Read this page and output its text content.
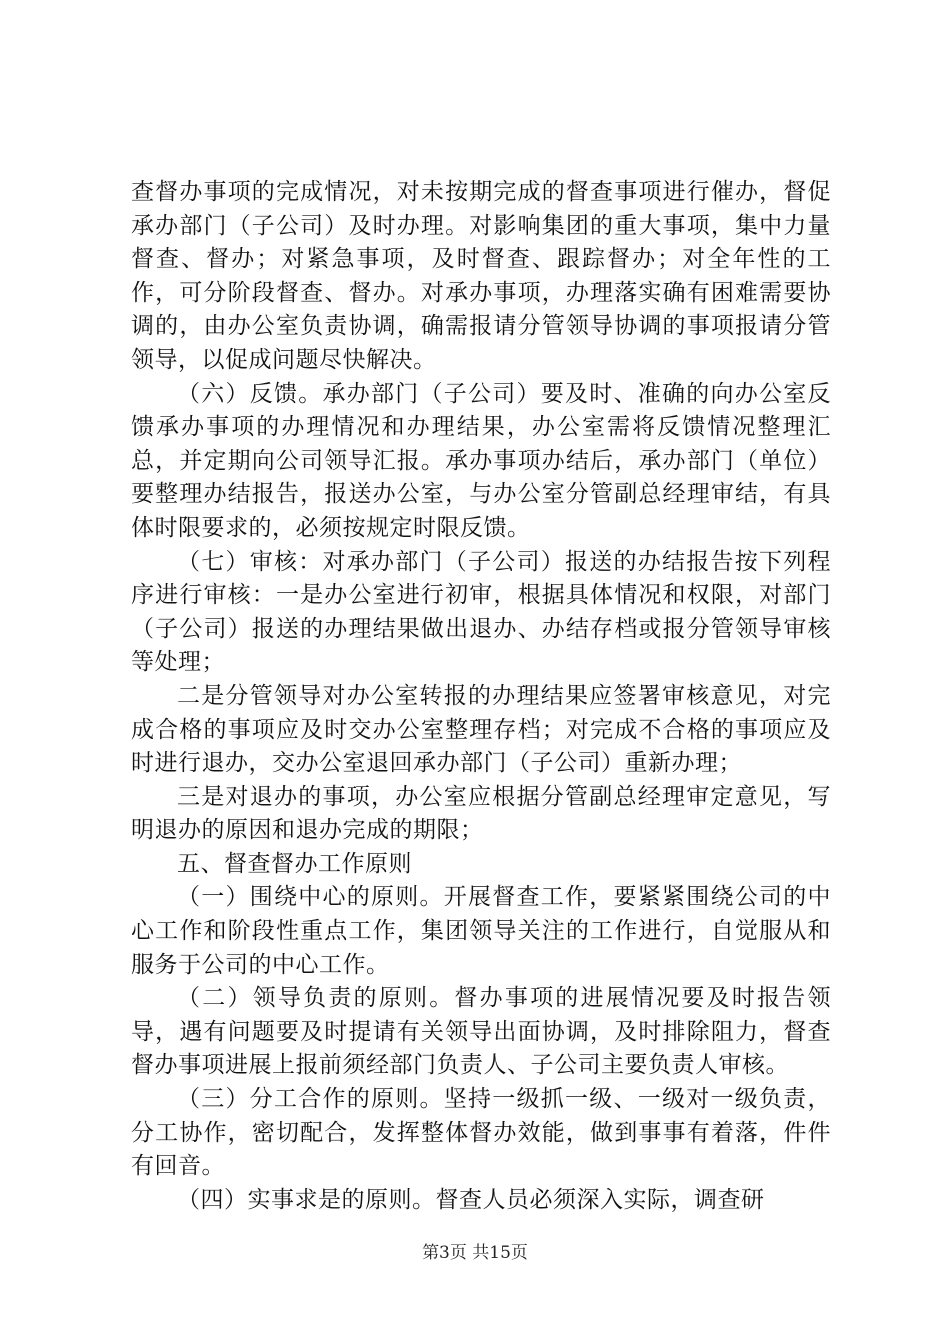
查督办事项的完成情况，对未按期完成的督查事项进行催办，督促承办部门（子公司）及时办理。对影响集团的重大事项，集中力量督查、督办；对紧急事项，及时督查、跟踪督办；对全年性的工作，可分阶段督查、督办。对承办事项，办理落实确有困难需要协调的，由办公室负责协调，确需报请分管领导协调的事项报请分管领导，以促成问题尽快解决。

（六）反馈。承办部门（子公司）要及时、准确的向办公室反馈承办事项的办理情况和办理结果，办公室需将反馈情况整理汇总，并定期向公司领导汇报。承办事项办结后，承办部门（单位）要整理办结报告，报送办公室，与办公室分管副总经理审结，有具体时限要求的，必须按规定时限反馈。

（七）审核：对承办部门（子公司）报送的办结报告按下列程序进行审核：一是办公室进行初审，根据具体情况和权限，对部门（子公司）报送的办理结果做出退办、办结存档或报分管领导审核等处理；

二是分管领导对办公室转报的办理结果应签署审核意见，对完成合格的事项应及时交办公室整理存档；对完成不合格的事项应及时进行退办，交办公室退回承办部门（子公司）重新办理；

三是对退办的事项，办公室应根据分管副总经理审定意见，写明退办的原因和退办完成的期限；

五、督查督办工作原则

（一）围绕中心的原则。开展督查工作，要紧紧围绕公司的中心工作和阶段性重点工作，集团领导关注的工作进行，自觉服从和服务于公司的中心工作。

（二）领导负责的原则。督办事项的进展情况要及时报告领导，遇有问题要及时提请有关领导出面协调，及时排除阻力，督查督办事项进展上报前须经部门负责人、子公司主要负责人审核。

（三）分工合作的原则。坚持一级抓一级、一级对一级负责，分工协作，密切配合，发挥整体督办效能，做到事事有着落，件件有回音。

（四）实事求是的原则。督查人员必须深入实际，调查研

第3页 共15页
